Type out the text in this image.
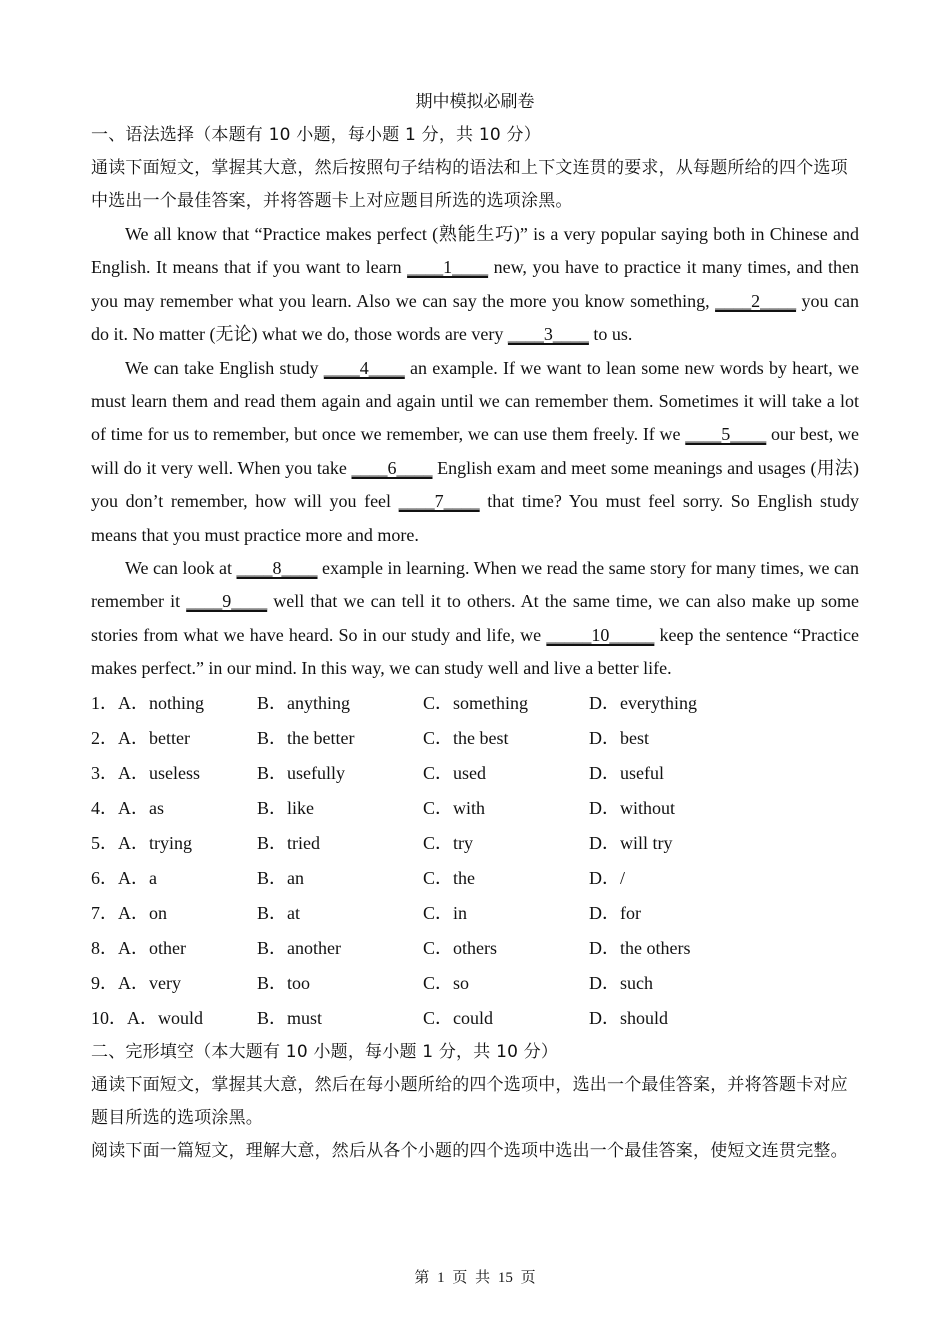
期中模拟必刷卷

一、语法选择（本题有 10 小题，每小题 1 分，共 10 分）

通读下面短文，掌握其大意，然后按照句子结构的语法和上下文连贯的要求，从每题所给的四个选项中选出一个最佳答案，并将答题卡上对应题目所选的选项涂黑。

We all know that “Practice makes perfect (熟能生巧)” is a very popular saying both in Chinese and English. It means that if you want to learn ____1____ new, you have to practice it many times, and then you may remember what you learn. Also we can say the more you know something, ____2____ you can do it. No matter (无论) what we do, those words are very ____3____ to us.

We can take English study ____4____ an example. If we want to lean some new words by heart, we must learn them and read them again and again until we can remember them. Sometimes it will take a lot of time for us to remember, but once we remember, we can use them freely. If we ____5____ our best, we will do it very well. When you take ____6____ English exam and meet some meanings and usages (用法) you don’t remember, how will you feel ____7____ that time? You must feel sorry. So English study means that you must practice more and more.

We can look at ____8____ example in learning. When we read the same story for many times, we can remember it ____9____ well that we can tell it to others. At the same time, we can also make up some stories from what we have heard. So in our study and life, we _____10_____ keep the sentence “Practice makes perfect.” in our mind. In this way, we can study well and live a better life.

1．A．nothing	B．anything	C．something	D．everything
2．A．better	B．the better	C．the best	D．best
3．A．useless	B．usefully	C．used	D．useful
4．A．as	B．like	C．with	D．without
5．A．trying	B．tried	C．try	D．will try
6．A．a	B．an	C．the	D．/
7．A．on	B．at	C．in	D．for
8．A．other	B．another	C．others	D．the others
9．A．very	B．too	C．so	D．such
10．A．would	B．must	C．could	D．should

二、完形填空（本大题有 10 小题，每小题 1 分，共 10 分）

通读下面短文，掌握其大意，然后在每小题所给的四个选项中，选出一个最佳答案，并将答题卡对应题目所选的选项涂黑。

阅读下面一篇短文，理解大意，然后从各个小题的四个选项中选出一个最佳答案，使短文连贯完整。

第 1 页 共 15 页
